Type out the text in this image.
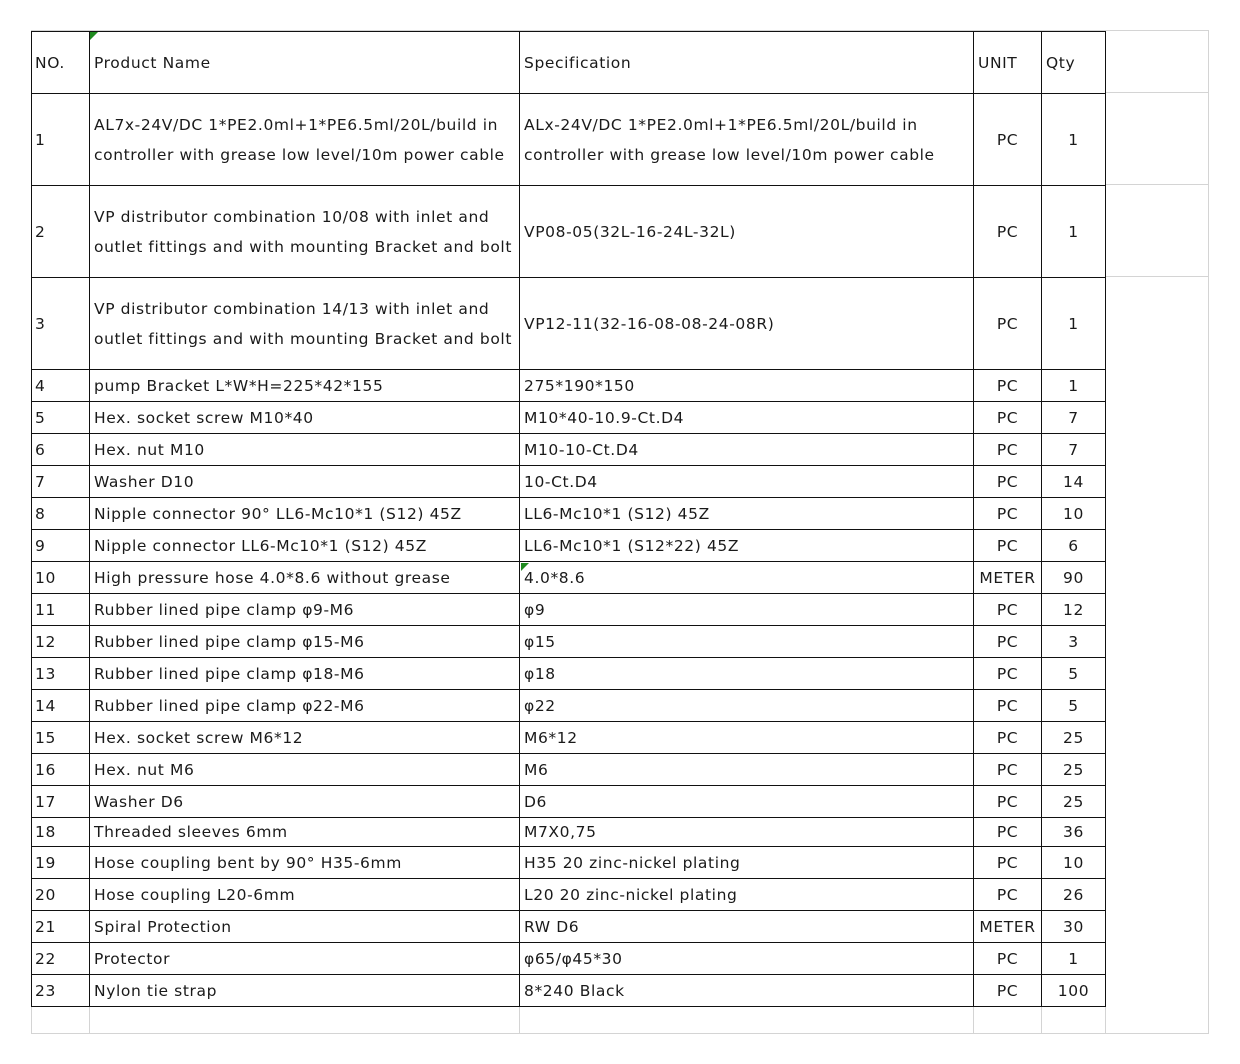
NO.	Product Name	Specification	UNIT	Qty
1	AL7x-24V/DC 1*PE2.0ml+1*PE6.5ml/20L/build in controller with grease low level/10m power cable	ALx-24V/DC 1*PE2.0ml+1*PE6.5ml/20L/build in controller with grease low level/10m power cable	PC	1
2	VP distributor combination 10/08 with inlet and outlet fittings and with mounting Bracket and bolt	VP08-05(32L-16-24L-32L)	PC	1
3	VP distributor combination 14/13 with inlet and outlet fittings and with mounting Bracket and bolt	VP12-11(32-16-08-08-24-08R)	PC	1
4	pump Bracket L*W*H=225*42*155	275*190*150	PC	1
5	Hex. socket screw M10*40	M10*40-10.9-Ct.D4	PC	7
6	Hex. nut M10	M10-10-Ct.D4	PC	7
7	Washer D10	10-Ct.D4	PC	14
8	Nipple connector 90° LL6-Mc10*1 (S12) 45Z	LL6-Mc10*1 (S12) 45Z	PC	10
9	Nipple connector LL6-Mc10*1 (S12) 45Z	LL6-Mc10*1 (S12*22) 45Z	PC	6
10	High pressure hose 4.0*8.6 without grease	4.0*8.6	METER	90
11	Rubber lined pipe clamp φ9-M6	φ9	PC	12
12	Rubber lined pipe clamp φ15-M6	φ15	PC	3
13	Rubber lined pipe clamp φ18-M6	φ18	PC	5
14	Rubber lined pipe clamp φ22-M6	φ22	PC	5
15	Hex. socket screw M6*12	M6*12	PC	25
16	Hex. nut M6	M6	PC	25
17	Washer D6	D6	PC	25
18	Threaded sleeves 6mm	M7X0,75	PC	36
19	Hose coupling bent by 90° H35-6mm	H35 20 zinc-nickel plating	PC	10
20	Hose coupling L20-6mm	L20 20 zinc-nickel plating	PC	26
21	Spiral Protection	RW D6	METER	30
22	Protector	φ65/φ45*30	PC	1
23	Nylon tie strap	8*240 Black	PC	100
